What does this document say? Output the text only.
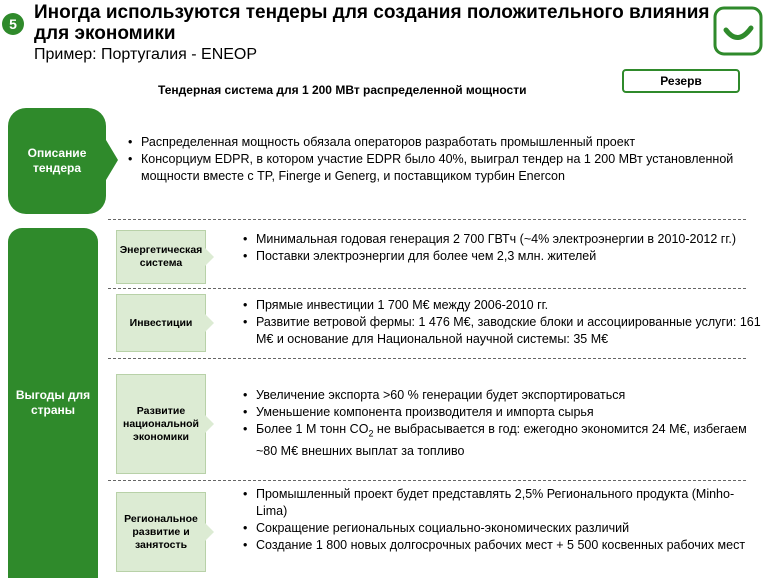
5
Иногда используются тендеры для создания положительного влияния для экономики
Пример: Португалия - ENEOP
Тендерная система для 1 200 МВт распределенной мощности
Резерв
Описание тендера
• Распределенная мощность обязала операторов разработать промышленный проект
• Консорциум EDPR, в котором участие EDPR было 40%, выиграл тендер на 1 200 МВт установленной мощности вместе с TP, Finerge и Generg, и поставщиком турбин Enercon
Выгоды для страны
Энергетическая система
• Минимальная годовая генерация 2 700 ГВТч (~4% электроэнергии в 2010-2012 гг.)
• Поставки электроэнергии для более чем 2,3 млн. жителей
Инвестиции
• Прямые инвестиции 1 700 М€ между 2006-2010 гг.
• Развитие ветровой фермы: 1 476 М€, заводские блоки и ассоциированные услуги: 161 М€ и основание для Национальной научной системы: 35 М€
Развитие национальной экономики
• Увеличение экспорта >60 % генерации будет экспортироваться
• Уменьшение компонента производителя и импорта сырья
• Более 1 М тонн $CO_2$ не выбрасывается в год: ежегодно экономится 24 М€, избегаем ~80 М€ внешних выплат за топливо
Региональное развитие и занятость
• Промышленный проект будет представлять 2,5% Регионального продукта (Minho-Lima)
• Сокращение региональных социально-экономических различий
• Создание 1 800 новых долгосрочных рабочих мест + 5 500 косвенных рабочих мест
